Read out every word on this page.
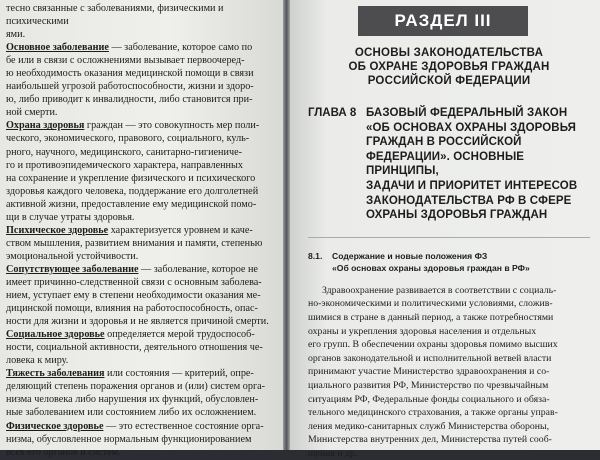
тесно связанные с заболеваниями, физическими и психическими

ями.

Основное заболевание — заболевание, которое само по

бе или в связи с осложнениями вызывает первоочеред-

ю необходимость оказания медицинской помощи в связи

наибольшей угрозой работоспособности, жизни и здоро-

ю, либо приводит к инвалидности, либо становится при-

ной смерти.

Охрана здоровья граждан — это совокупность мер поли-

ческого, экономического, правового, социального, куль-

рного, научного, медицинского, санитарно-гигиениче-

го и противоэпидемического характера, направленных

на сохранение и укрепление физического и психического

здоровья каждого человека, поддержание его долголетней

активной жизни, предоставление ему медицинской помо-

щи в случае утраты здоровья.

Психическое здоровье характеризуется уровнем и каче-

ством мышления, развитием внимания и памяти, степенью

эмоциональной устойчивости.

Сопутствующее заболевание — заболевание, которое не

имеет причинно-следственной связи с основным заболева-

нием, уступает ему в степени необходимости оказания ме-

дицинской помощи, влияния на работоспособность, опас-

ности для жизни и здоровья и не является причиной смерти.

Социальное здоровье определяется мерой трудоспособ-

ности, социальной активности, деятельного отношения че-

ловека к миру.

Тяжесть заболевания или состояния — критерий, опре-

деляющий степень поражения органов и (или) систем орга-

низма человека либо нарушения их функций, обусловлен-

ные заболеванием или состоянием либо их осложнением.

Физическое здоровье — это естественное состояние орга-

низма, обусловленное нормальным функционированием

всех его органов и систем.

РАЗДЕЛ III
ОСНОВЫ ЗАКОНОДАТЕЛЬСТВА
ОБ ОХРАНЕ ЗДОРОВЬЯ ГРАЖДАН
РОССИЙСКОЙ ФЕДЕРАЦИИ
ГЛАВА 8 БАЗОВЫЙ ФЕДЕРАЛЬНЫЙ ЗАКОН
«ОБ ОСНОВАХ ОХРАНЫ ЗДОРОВЬЯ
ГРАЖДАН В РОССИЙСКОЙ
ФЕДЕРАЦИИ». ОСНОВНЫЕ ПРИНЦИПЫ,
ЗАДАЧИ И ПРИОРИТЕТ ИНТЕРЕСОВ
ЗАКОНОДАТЕЛЬСТВА РФ В СФЕРЕ
ОХРАНЫ ЗДОРОВЬЯ ГРАЖДАН
8.1.	Содержание и новые положения ФЗ
«Об основах охраны здоровья граждан в РФ»
Здравоохранение развивается в соответствии с социаль-
но-экономическими и политическими условиями, сложив-
шимися в стране в данный период, а также потребностями
охраны и укрепления здоровья населения и отдельных
его групп. В обеспечении охраны здоровья помимо высших
органов законодательной и исполнительной ветвей власти
принимают участие Министерство здравоохранения и со-
циального развития РФ, Министерство по чрезвычайным
ситуациям РФ, Федеральные фонды социального и обяза-
тельного медицинского страхования, а также органы управ-
ления медико-санитарных служб Министерства обороны,
Министерства внутренних дел, Министерства путей сооб-
щения и др.
